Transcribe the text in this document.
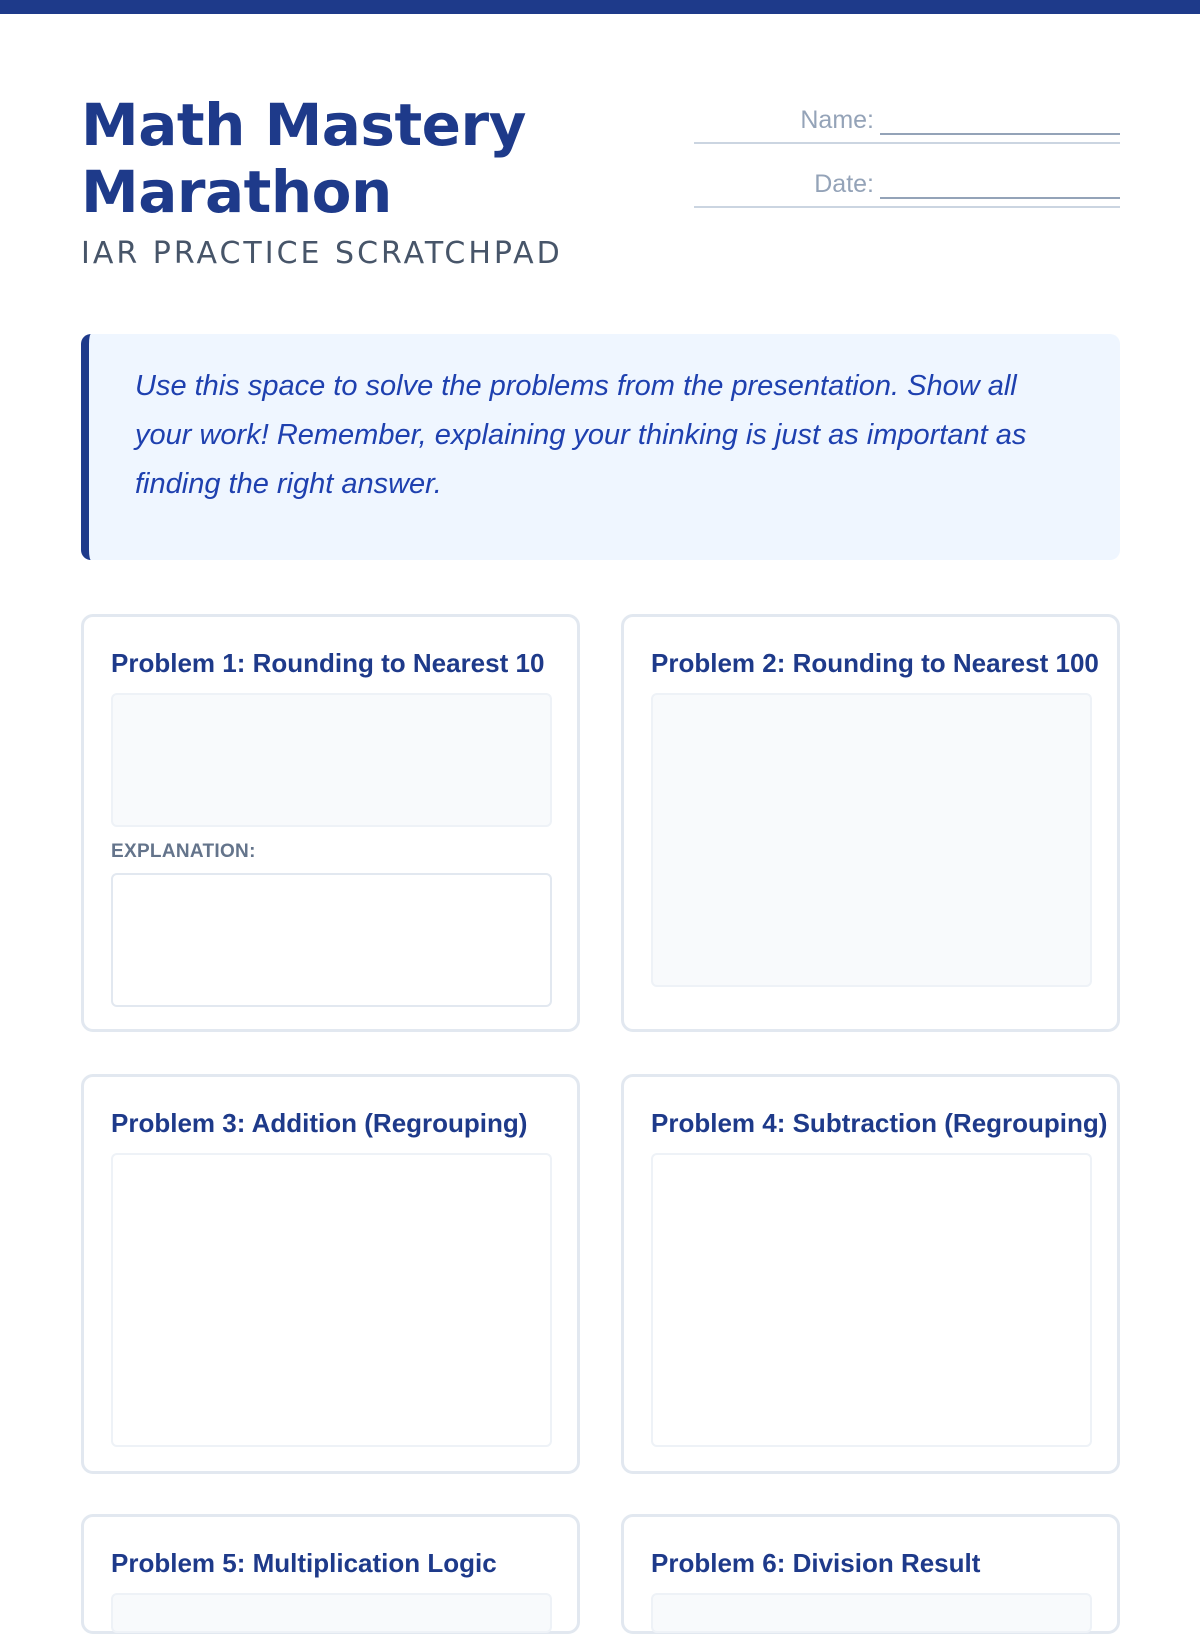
Math Mastery
Marathon
IAR PRACTICE SCRATCHPAD
Name:
Date:
Use this space to solve the problems from the presentation. Show all your work! Remember, explaining your thinking is just as important as finding the right answer.
Problem 1: Rounding to Nearest 10
EXPLANATION:
Problem 2: Rounding to Nearest 100
Problem 3: Addition (Regrouping)	Problem 4: Subtraction (Regrouping)
Problem 5: Multiplication Logic	Problem 6: Division Result
